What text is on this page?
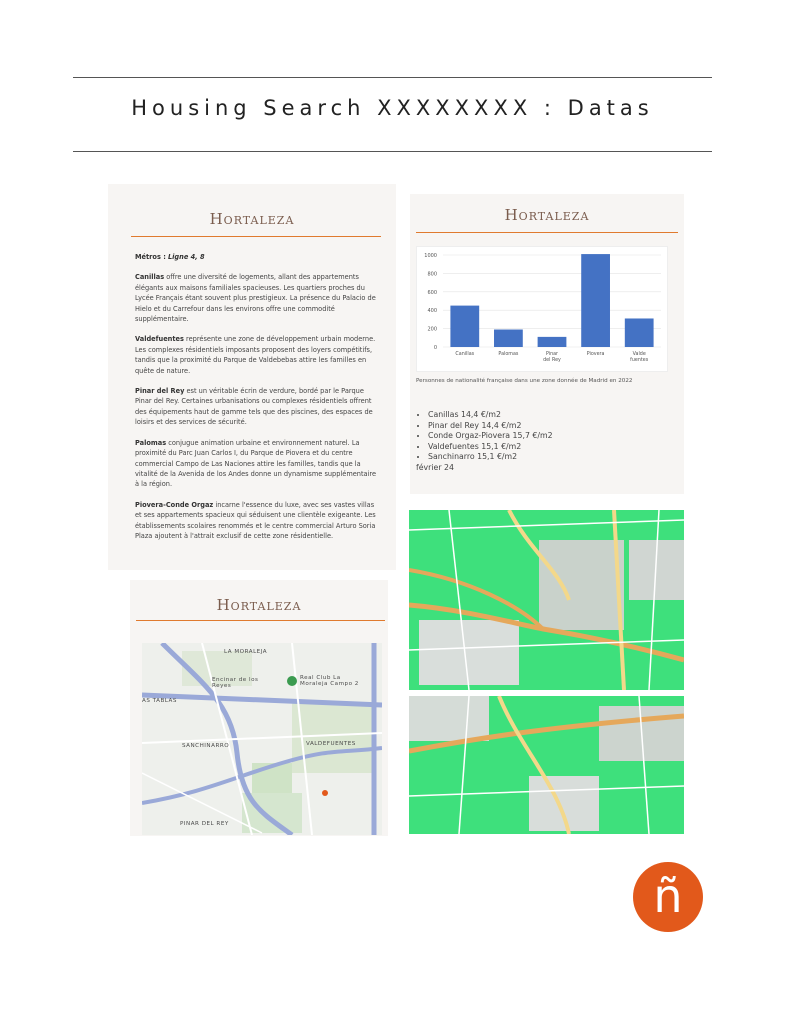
Housing Search XXXXXXXX : Datas
Hortaleza

Métros : Ligne 4, 8

Canillas offre une diversité de logements, allant des appartements élégants aux maisons familiales spacieuses. Les quartiers proches du Lycée Français étant souvent plus prestigieux. La présence du Palacio de Hielo et du Carrefour dans les environs offre une commodité supplémentaire.

Valdefuentes représente une zone de développement urbain moderne. Les complexes résidentiels imposants proposent des loyers compétitifs, tandis que la proximité du Parque de Valdebebas attire les familles en quête de nature.

Pinar del Rey est un véritable écrin de verdure, bordé par le Parque Pinar del Rey. Certaines urbanisations ou complexes résidentiels offrent des équipements haut de gamme tels que des piscines, des espaces de loisirs et des services de sécurité.

Palomas conjugue animation urbaine et environnement naturel. La proximité du Parc Juan Carlos I, du Parque de Piovera et du centre commercial Campo de Las Naciones attire les familles, tandis que la vitalité de la Avenida de los Andes donne un dynamisme supplémentaire à la région.

Piovera-Conde Orgaz incarne l'essence du luxe, avec ses vastes villas et ses appartements spacieux qui séduisent une clientèle exigeante. Les établissements scolaires renommés et le centre commercial Arturo Soria Plaza ajoutent à l'attrait exclusif de cette zone résidentielle.

Hortaleza
0
200
400
600
800
1000
Canillas	Palomas	Pinar del Rey
Piovera	Valde fuentes
Personnes de nationalité française dans une zone donnée de Madrid en 2022
• Canillas 14,4 €/m2
• Pinar del Rey 14,4 €/m2
• Conde Orgaz-Piovera 15,7 €/m2
• Valdefuentes 15,1 €/m2
• Sanchinarro 15,1 €/m2
février 24
Hortaleza
LA MORALEJA
Encinar de los Reyes
Real Club La Moraleja Campo 2
AS TABLAS
SANCHINARRO	VALDEFUENTES
PINAR DEL REY
ñ
